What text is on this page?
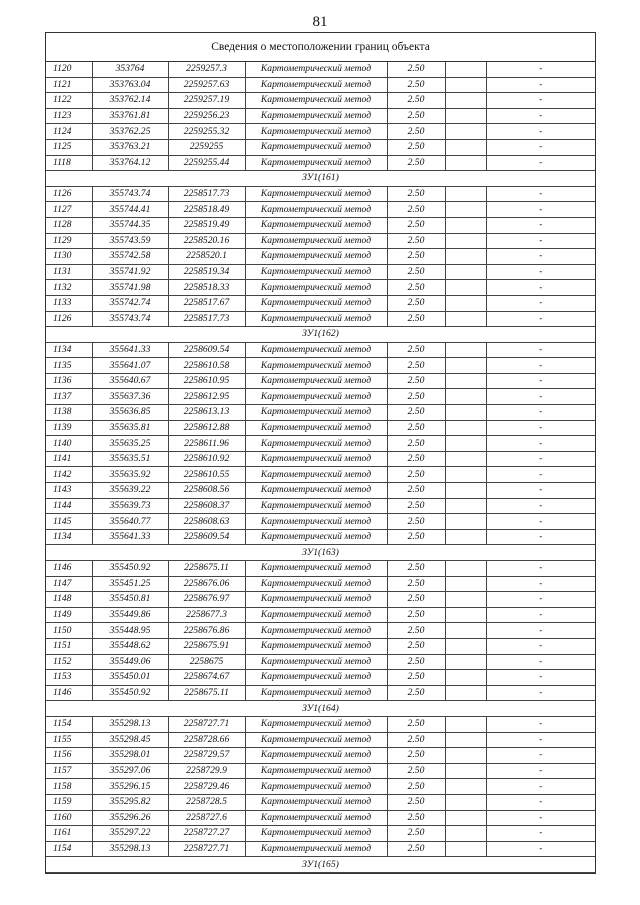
81
Сведения о местоположении границ объекта
1120	353764	2259257.3	Картометрический метод	2.50		-
1121	353763.04	2259257.63	Картометрический метод	2.50		-
1122	353762.14	2259257.19	Картометрический метод	2.50		-
1123	353761.81	2259256.23	Картометрический метод	2.50		-
1124	353762.25	2259255.32	Картометрический метод	2.50		-
1125	353763.21	2259255	Картометрический метод	2.50		-
1118	353764.12	2259255.44	Картометрический метод	2.50		-
ЗУ1(161)						
1126	355743.74	2258517.73	Картометрический метод	2.50		-
1127	355744.41	2258518.49	Картометрический метод	2.50		-
1128	355744.35	2258519.49	Картометрический метод	2.50		-
1129	355743.59	2258520.16	Картометрический метод	2.50		-
1130	355742.58	2258520.1	Картометрический метод	2.50		-
1131	355741.92	2258519.34	Картометрический метод	2.50		-
1132	355741.98	2258518.33	Картометрический метод	2.50		-
1133	355742.74	2258517.67	Картометрический метод	2.50		-
1126	355743.74	2258517.73	Картометрический метод	2.50		-
ЗУ1(162)						
1134	355641.33	2258609.54	Картометрический метод	2.50		-
1135	355641.07	2258610.58	Картометрический метод	2.50		-
1136	355640.67	2258610.95	Картометрический метод	2.50		-
1137	355637.36	2258612.95	Картометрический метод	2.50		-
1138	355636.85	2258613.13	Картометрический метод	2.50		-
1139	355635.81	2258612.88	Картометрический метод	2.50		-
1140	355635.25	2258611.96	Картометрический метод	2.50		-
1141	355635.51	2258610.92	Картометрический метод	2.50		-
1142	355635.92	2258610.55	Картометрический метод	2.50		-
1143	355639.22	2258608.56	Картометрический метод	2.50		-
1144	355639.73	2258608.37	Картометрический метод	2.50		-
1145	355640.77	2258608.63	Картометрический метод	2.50		-
1134	355641.33	2258609.54	Картометрический метод	2.50		-
ЗУ1(163)						
1146	355450.92	2258675.11	Картометрический метод	2.50		-
1147	355451.25	2258676.06	Картометрический метод	2.50		-
1148	355450.81	2258676.97	Картометрический метод	2.50		-
1149	355449.86	2258677.3	Картометрический метод	2.50		-
1150	355448.95	2258676.86	Картометрический метод	2.50		-
1151	355448.62	2258675.91	Картометрический метод	2.50		-
1152	355449.06	2258675	Картометрический метод	2.50		-
1153	355450.01	2258674.67	Картометрический метод	2.50		-
1146	355450.92	2258675.11	Картометрический метод	2.50		-
ЗУ1(164)						
1154	355298.13	2258727.71	Картометрический метод	2.50		-
1155	355298.45	2258728.66	Картометрический метод	2.50		-
1156	355298.01	2258729.57	Картометрический метод	2.50		-
1157	355297.06	2258729.9	Картометрический метод	2.50		-
1158	355296.15	2258729.46	Картометрический метод	2.50		-
1159	355295.82	2258728.5	Картометрический метод	2.50		-
1160	355296.26	2258727.6	Картометрический метод	2.50		-
1161	355297.22	2258727.27	Картометрический метод	2.50		-
1154	355298.13	2258727.71	Картометрический метод	2.50		-
ЗУ1(165)						
